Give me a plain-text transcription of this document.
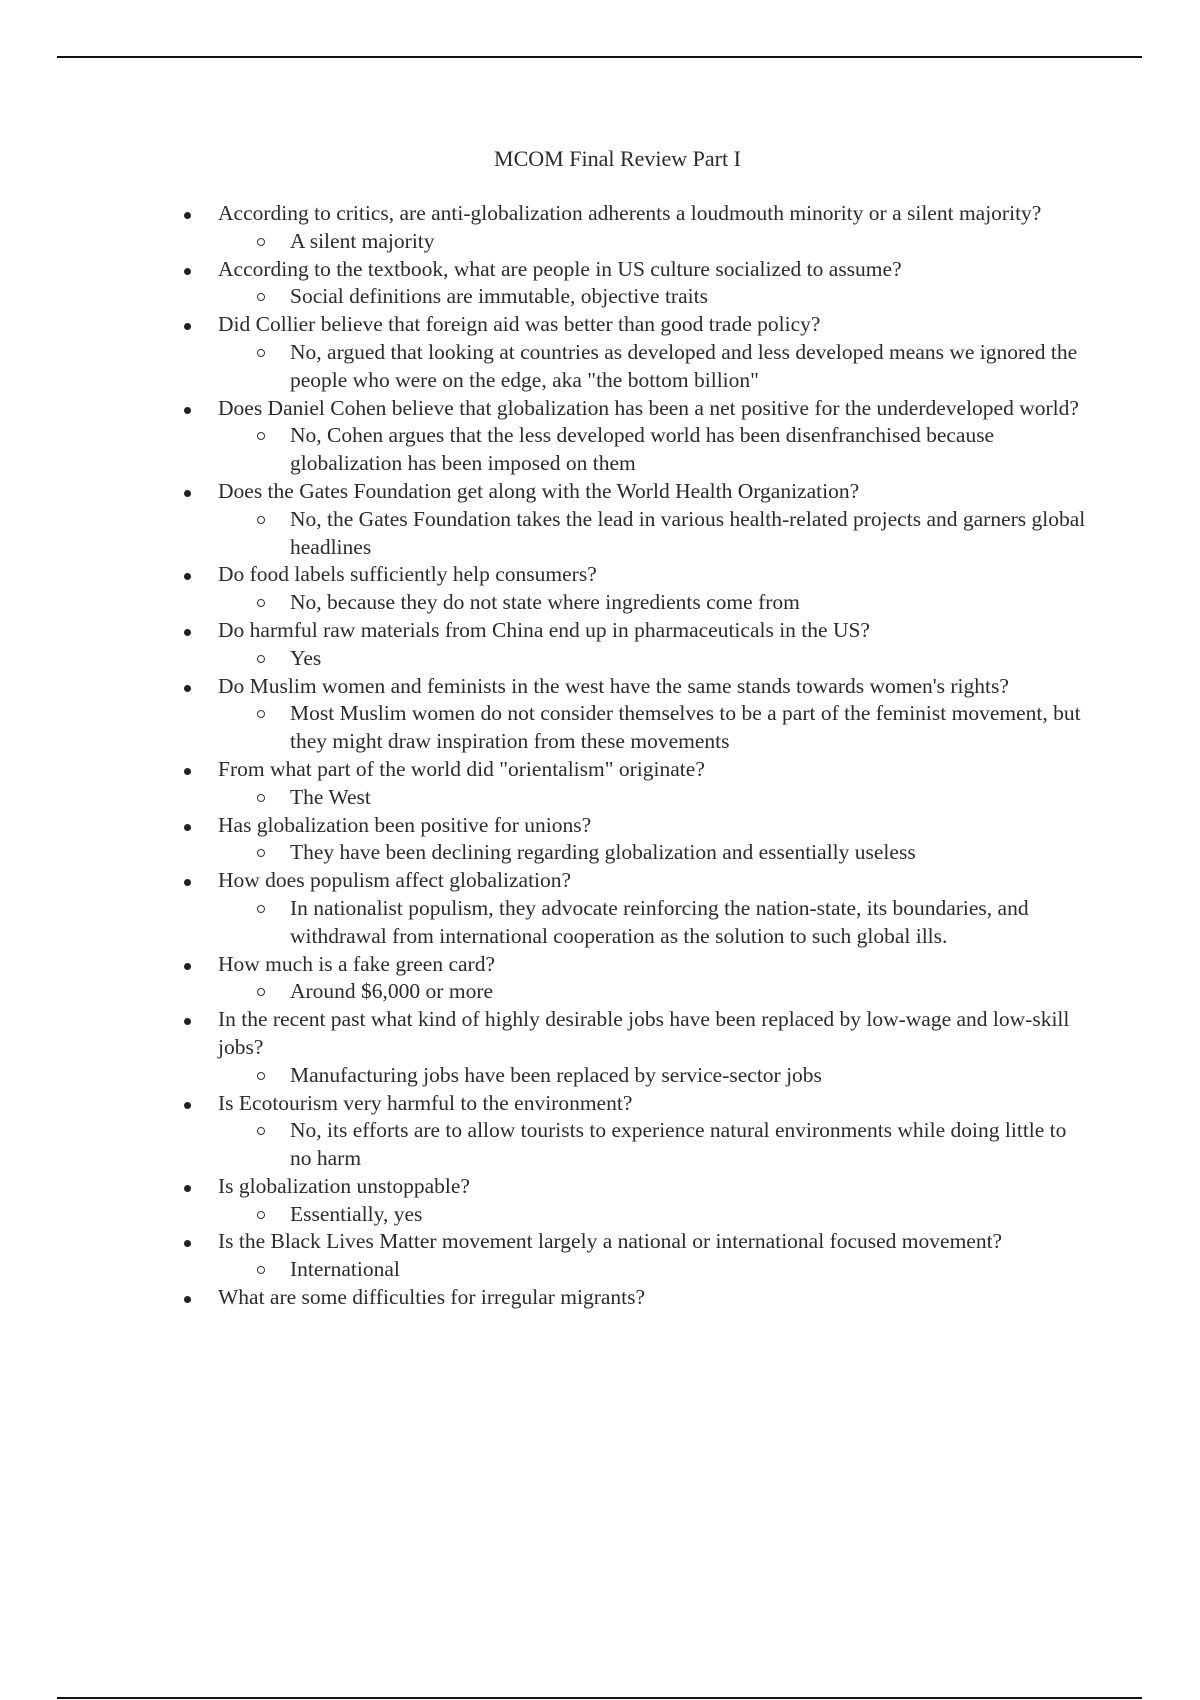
MCOM Final Review Part I
According to critics, are anti-globalization adherents a loudmouth minority or a silent majority?
A silent majority
According to the textbook, what are people in US culture socialized to assume?
Social definitions are immutable, objective traits
Did Collier believe that foreign aid was better than good trade policy?
No, argued that looking at countries as developed and less developed means we ignored the people who were on the edge, aka "the bottom billion"
Does Daniel Cohen believe that globalization has been a net positive for the underdeveloped world?
No, Cohen argues that the less developed world has been disenfranchised because globalization has been imposed on them
Does the Gates Foundation get along with the World Health Organization?
No, the Gates Foundation takes the lead in various health-related projects and garners global headlines
Do food labels sufficiently help consumers?
No, because they do not state where ingredients come from
Do harmful raw materials from China end up in pharmaceuticals in the US?
Yes
Do Muslim women and feminists in the west have the same stands towards women's rights?
Most Muslim women do not consider themselves to be a part of the feminist movement, but they might draw inspiration from these movements
From what part of the world did "orientalism" originate?
The West
Has globalization been positive for unions?
They have been declining regarding globalization and essentially useless
How does populism affect globalization?
In nationalist populism, they advocate reinforcing the nation-state, its boundaries, and withdrawal from international cooperation as the solution to such global ills.
How much is a fake green card?
Around $6,000 or more
In the recent past what kind of highly desirable jobs have been replaced by low-wage and low-skill jobs?
Manufacturing jobs have been replaced by service-sector jobs
Is Ecotourism very harmful to the environment?
No, its efforts are to allow tourists to experience natural environments while doing little to no harm
Is globalization unstoppable?
Essentially, yes
Is the Black Lives Matter movement largely a national or international focused movement?
International
What are some difficulties for irregular migrants?
